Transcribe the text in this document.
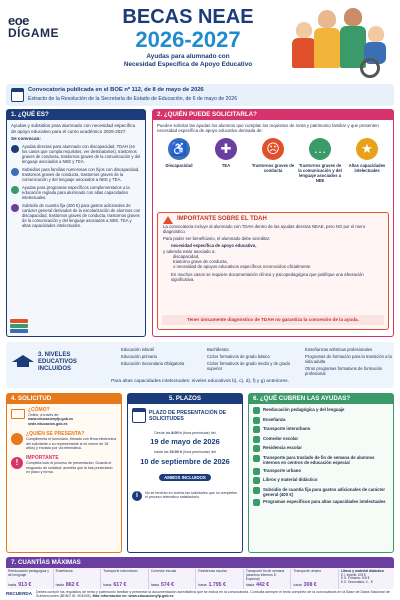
eoe
DÍGAME
BECAS NEAE
2026-2027
Ayudas para alumnado con
Necesidad Específica de Apoyo Educativo
Convocatoria publicada en el BOE nº 112, de 8 de mayo de 2026
Extracto de la Resolución de la Secretaría de Estado de Educación, de 6 de mayo de 2026
1. ¿QUÉ ES?
Ayudas y subsidios para alumnado con necesidad específica de apoyo educativo para el curso académico 2026-2027.
Se convocan:
Ayudas directas para alumnado con discapacidad, TDAH (en los casos que cumpla requisitos, ver destinatarios), trastornos graves de conducta, trastornos graves de la comunicación y del lenguaje asociados a NEE y TEA.
Subsidios para familias numerosas con hijos con discapacidad, trastornos graves de conducta, trastornos graves de la comunicación y del lenguaje asociados a NEE y TEA.
Ayudas para programas específicos complementarios a la educación reglada para alumnado con altas capacidades intelectuales.
Subsidio de cuantía fija (400 €) para gastos adicionales de carácter general derivados de la escolarización de alumnos con discapacidad, trastornos graves de conducta, trastornos graves de la comunicación y del lenguaje asociados a NEE, TEA y altas capacidades intelectuales.
2. ¿QUIÉN PUEDE SOLICITARLA?
Pueden solicitar las ayudas los alumnos que cumplan los requisitos de renta y patrimonio familiar y que presenten necesidad específica de apoyo educativo derivada de:
♿
Discapacidad
✚
TEA
☹
Trastornos graves de conducta
…
Trastornos graves de la comunicación y del lenguaje asociados a NEE
★
Altas capacidades intelectuales
IMPORTANTE SOBRE EL TDAH
La convocatoria incluye al alumnado con TDAH dentro de las ayudas directas NEAE, pero NO por el mero diagnóstico.
Para poder ser beneficiario, el alumnado debe acreditar:
necesidad específica de apoyo educativo,
y además estar asociado a:
discapacidad,
trastorno grave de conducta,
o necesidad de apoyos educativos específicos reconocidos oficialmente.
En muchos casos se requiere documentación clínica y psicopedagógica que justifique una afectación significativa.
Tener únicamente diagnóstico de TDAH no garantiza la concesión de la ayuda.
3. NIVELES EDUCATIVOS INCLUIDOS
Educación infantil
Educación primaria
Educación Secundaria Obligatoria
Bachillerato
Ciclos formativos de grado básico
Ciclos formativos de grado medio y de grado superior
Enseñanzas artísticas profesionales
Programas de formación para la transición a la vida adulta
Otros programas formativos de formación profesional
Para altas capacidades intelectuales: niveles educativos b), c), d), f) y g) anteriores.
4. SOLICITUD
¿CÓMO?
Online, a través de:
www.educacionyfp.gob.es
sede.educacion.gob.es
¿QUIÉN SE PRESENTA?
Cumplimenta el formulario, firmado con firma electrónica del solicitante o su representante si es menor de 18 años) y enviado por vía telemática.
!	IMPORTANTE
Completa todo el proceso de presentación. Guarda el resguardo de solicitud: acredita que la has presentado en plazo y forma.
5. PLAZOS
PLAZO DE PRESENTACIÓN DE SOLICITUDES
Desde las 8:00 h (hora peninsular) del
19 de mayo de 2026
hasta las 15:00 h (hora peninsular) del
10 de septiembre de 2026
AMBOS INCLUIDOS
i	No se tendrán en cuenta las solicitudes que no completen el proceso telemático satisfactorio.
6. ¿QUÉ CUBREN LAS AYUDAS?
Reeducación pedagógica y del lenguaje
Enseñanza
Transporte interurbano
Comedor escolar
Residencia escolar
Transporte para traslado de fin de semana de alumnos internos en centros de educación especial
Transporte urbano
Libros y material didáctico
Subsidio de cuantía fija para gastos adicionales de carácter general (400 €)
Programas específicos para altas capacidades intelectuales
7. CUANTÍAS MÁXIMAS
Reeducación pedagógica y del lenguaje
hasta 913 €
Enseñanza
hasta 862 €
Transporte interurbano
hasta 617 €
Comedor escolar
hasta 574 €
Residencia escolar
hasta 1.795 €
Transporte fin de semana (alumnos internos E. Especial)
hasta 442 €
Transporte urbano
hasta 308 €
Libros y material didáctico
E.I. Infantil: 105 €
E.S. Primaria: 105 €
E.S. Secundaria: 2... €
RECUERDA Debes cumplir los requisitos de renta y patrimonio familiar y presentar la documentación acreditativa que se indica en la convocatoria. Consulta siempre el texto completo de la convocatoria en la Base de Datos Nacional de Subvenciones (BDNS ID: 904928). Más información en: www.educacionyfp.gob.es
